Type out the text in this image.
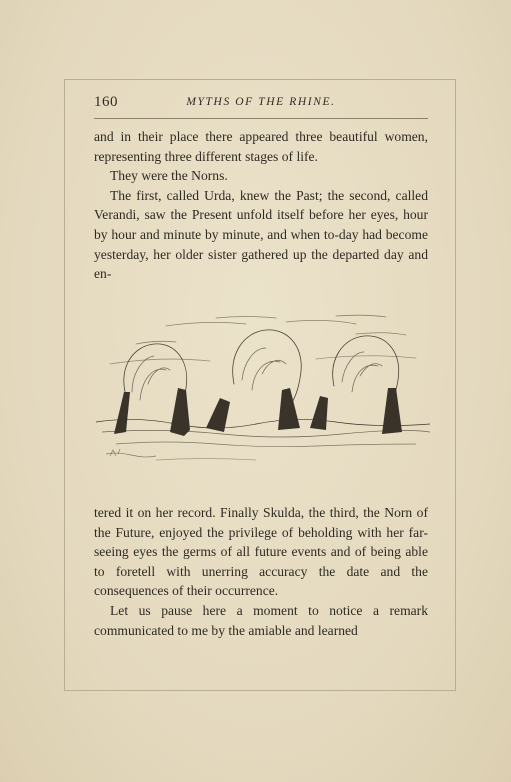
160	MYTHS OF THE RHINE.

and in their place there appeared three beautiful women, representing three different stages of life.

They were the Norns.

The first, called Urda, knew the Past; the second, called Verandi, saw the Present unfold itself before her eyes, hour by hour and minute by minute, and when to-day had become yesterday, her older sister gathered up the departed day and en-

tered it on her record. Finally Skulda, the third, the Norn of the Future, enjoyed the privilege of beholding with her far-seeing eyes the germs of all future events and of being able to foretell with unerring accuracy the date and the consequences of their occurrence.

Let us pause here a moment to notice a remark communicated to me by the amiable and learned
